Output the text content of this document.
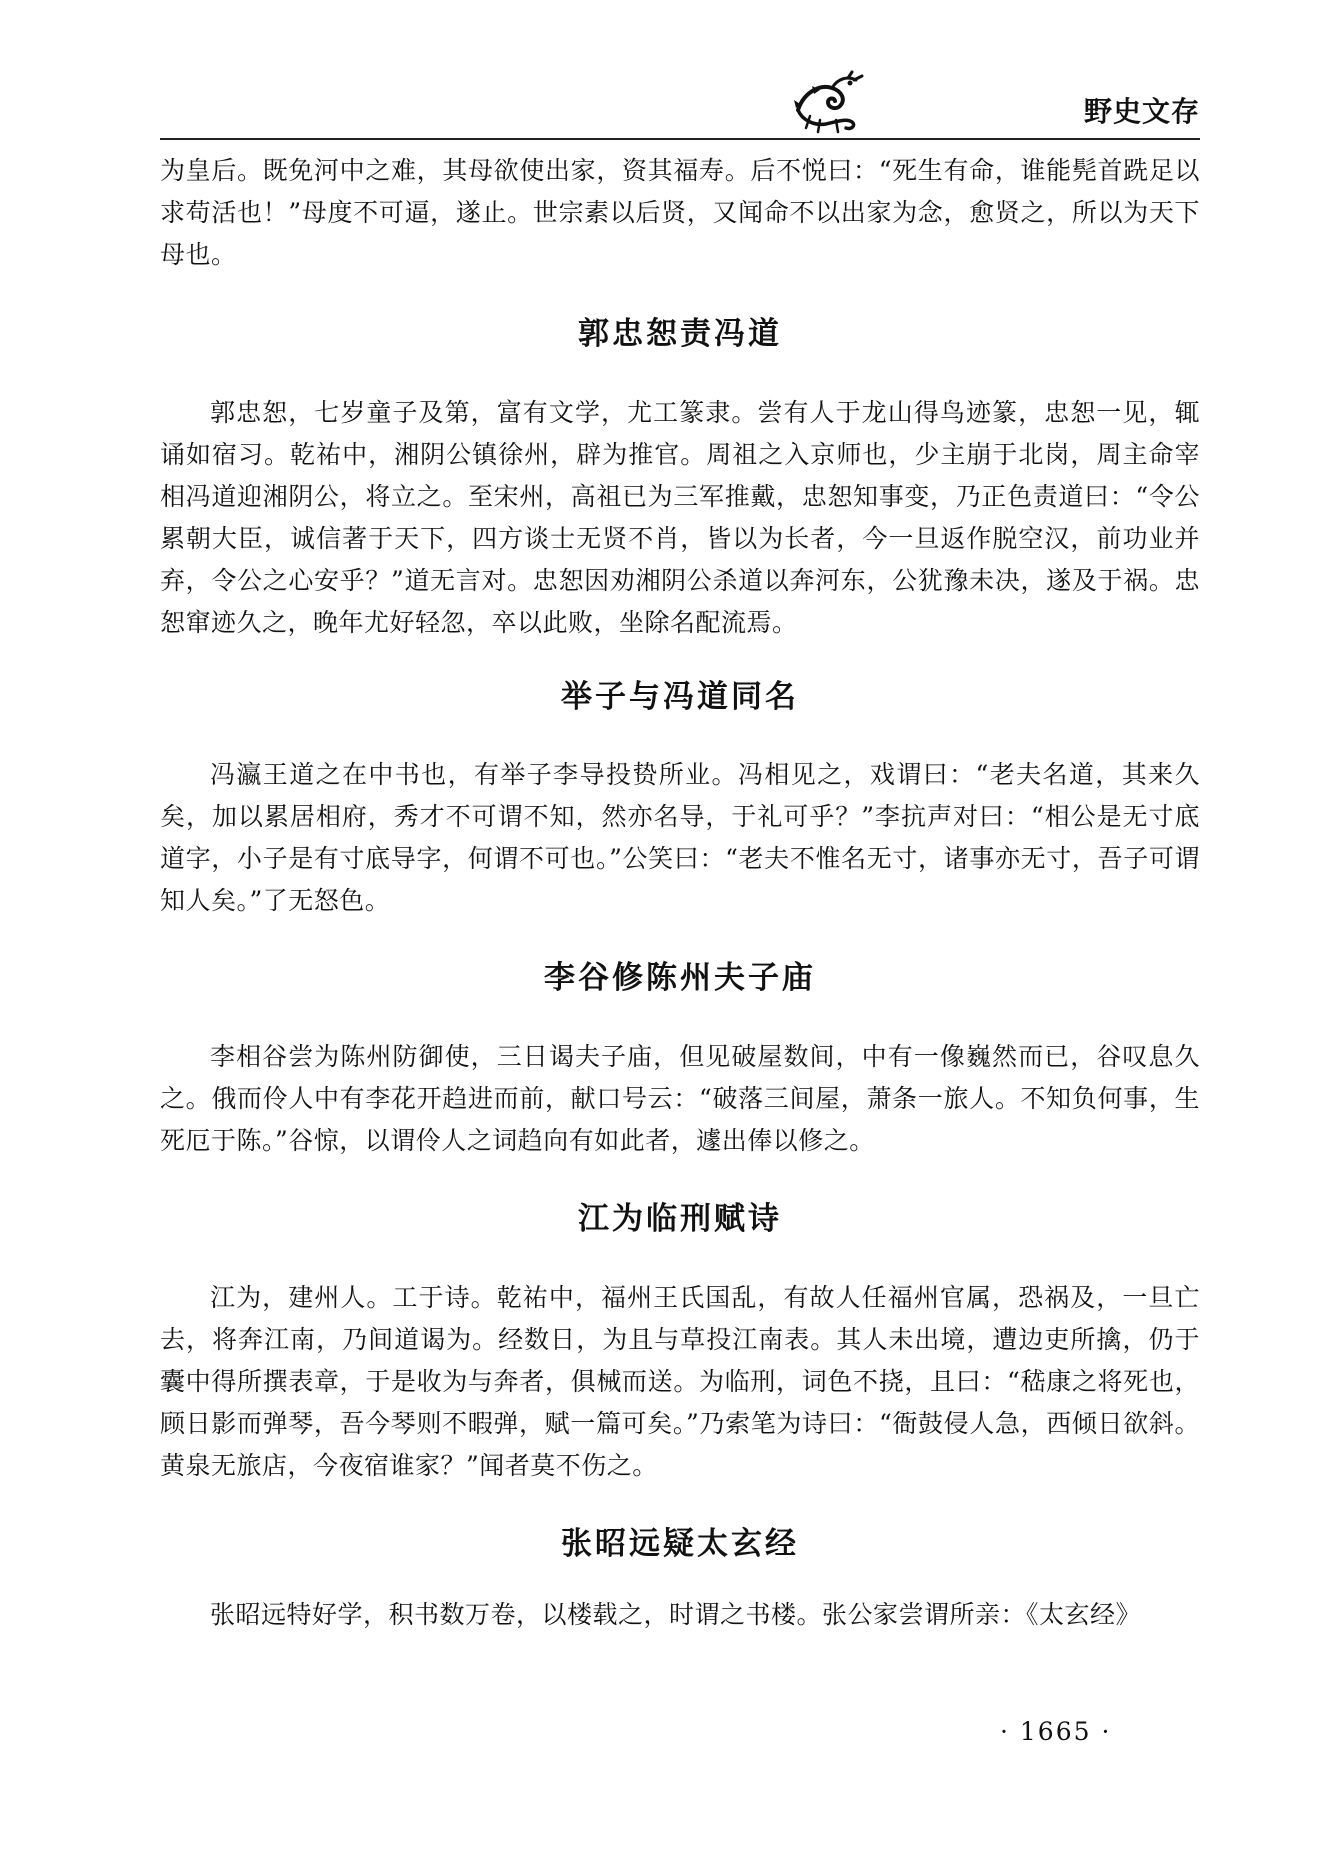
野史文存

为皇后。既免河中之难，其母欲使出家，资其福寿。后不悦曰：“死生有命，谁能髡首跣足以求苟活也！”母度不可逼，遂止。世宗素以后贤，又闻命不以出家为念，愈贤之，所以为天下母也。

郭忠恕责冯道

郭忠恕，七岁童子及第，富有文学，尤工篆隶。尝有人于龙山得鸟迹篆，忠恕一见，辄诵如宿习。乾祐中，湘阴公镇徐州，辟为推官。周祖之入京师也，少主崩于北岗，周主命宰相冯道迎湘阴公，将立之。至宋州，高祖已为三军推戴，忠恕知事变，乃正色责道曰：“令公累朝大臣，诚信著于天下，四方谈士无贤不肖，皆以为长者，今一旦返作脱空汉，前功业并弃，令公之心安乎？”道无言对。忠恕因劝湘阴公杀道以奔河东，公犹豫未决，遂及于祸。忠恕窜迹久之，晚年尤好轻忽，卒以此败，坐除名配流焉。

举子与冯道同名

冯瀛王道之在中书也，有举子李导投贽所业。冯相见之，戏谓曰：“老夫名道，其来久矣，加以累居相府，秀才不可谓不知，然亦名导，于礼可乎？”李抗声对曰：“相公是无寸底道字，小子是有寸底导字，何谓不可也。”公笑曰：“老夫不惟名无寸，诸事亦无寸，吾子可谓知人矣。”了无怒色。

李谷修陈州夫子庙

李相谷尝为陈州防御使，三日谒夫子庙，但见破屋数间，中有一像巍然而已，谷叹息久之。俄而伶人中有李花开趋进而前，献口号云：“破落三间屋，萧条一旅人。不知负何事，生死厄于陈。”谷惊，以谓伶人之词趋向有如此者，遽出俸以修之。

江为临刑赋诗

江为，建州人。工于诗。乾祐中，福州王氏国乱，有故人任福州官属，恐祸及，一旦亡去，将奔江南，乃间道谒为。经数日，为且与草投江南表。其人未出境，遭边吏所擒，仍于囊中得所撰表章，于是收为与奔者，俱械而送。为临刑，词色不挠，且曰：“嵇康之将死也，顾日影而弹琴，吾今琴则不暇弹，赋一篇可矣。”乃索笔为诗曰：“衙鼓侵人急，西倾日欲斜。黄泉无旅店，今夜宿谁家？”闻者莫不伤之。

张昭远疑太玄经

张昭远特好学，积书数万卷，以楼载之，时谓之书楼。张公家尝谓所亲：《太玄经》

· 1665 ·
